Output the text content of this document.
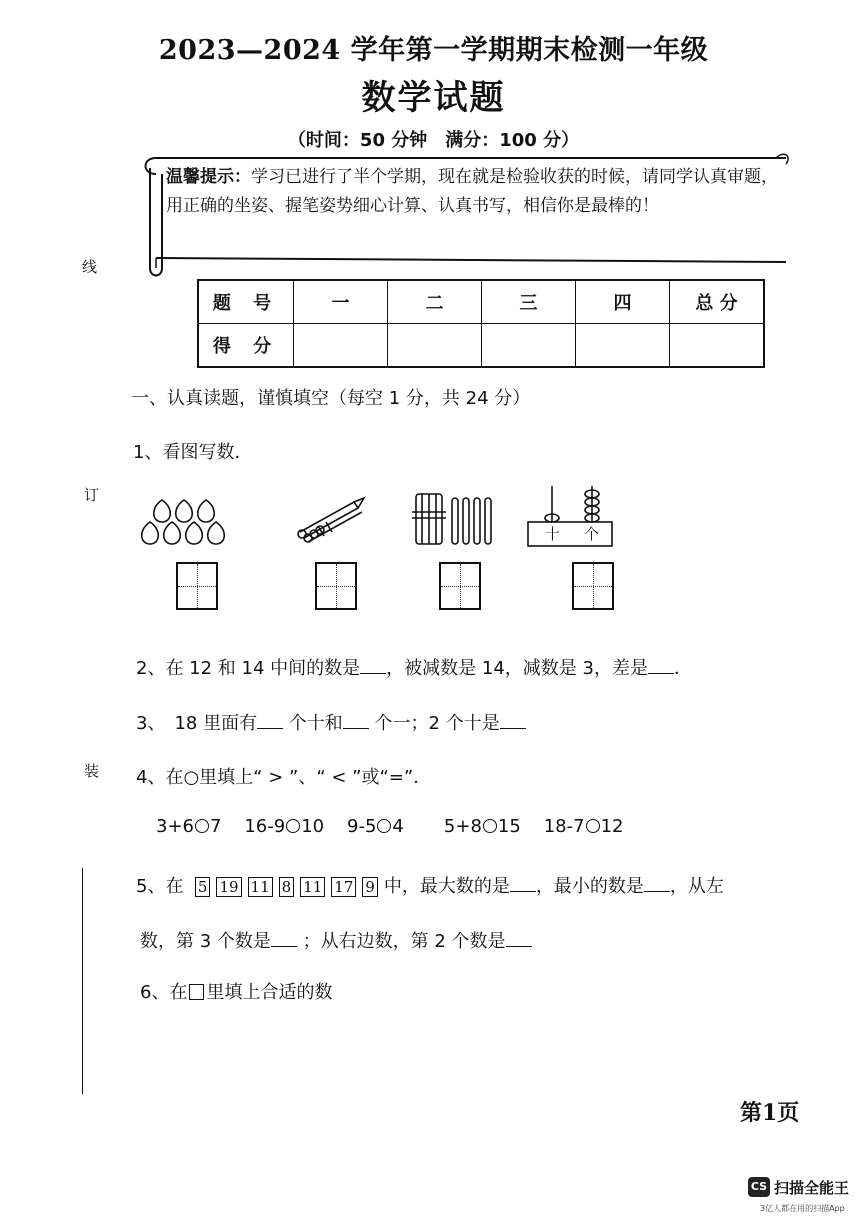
2023—2024 学年第一学期期末检测一年级
数学试题
（时间：50 分钟　满分：100 分）
温馨提示：学习已进行了半个学期，现在就是检验收获的时候，请同学认真审题，用正确的坐姿、握笔姿势细心计算、认真书写，相信你是最棒的！
线
订
装
题 号	一	二	三	四	总 分
得 分					
一、认真读题，谨慎填空（每空 1 分，共 24 分）
1、看图写数．
十 个
2、在 12 和 14 中间的数是 ，被减数是 14，减数是 3，差是 ．
3、　18 里面有 个十和 个一；2 个十是
4、在○里填上“ > ”、“ < ”或“=”．
3+6 7 16-9 10 9-5 4 5+8 15 18-7 12
5、在 5 19 11 8 11 17 9 中，最大数的是 ，最小的数是 ，从左
数，第 3 个数是 ；从右边数，第 2 个数是
6、在 里填上合适的数
第1页
CS 扫描全能王
3亿人都在用的扫描App
